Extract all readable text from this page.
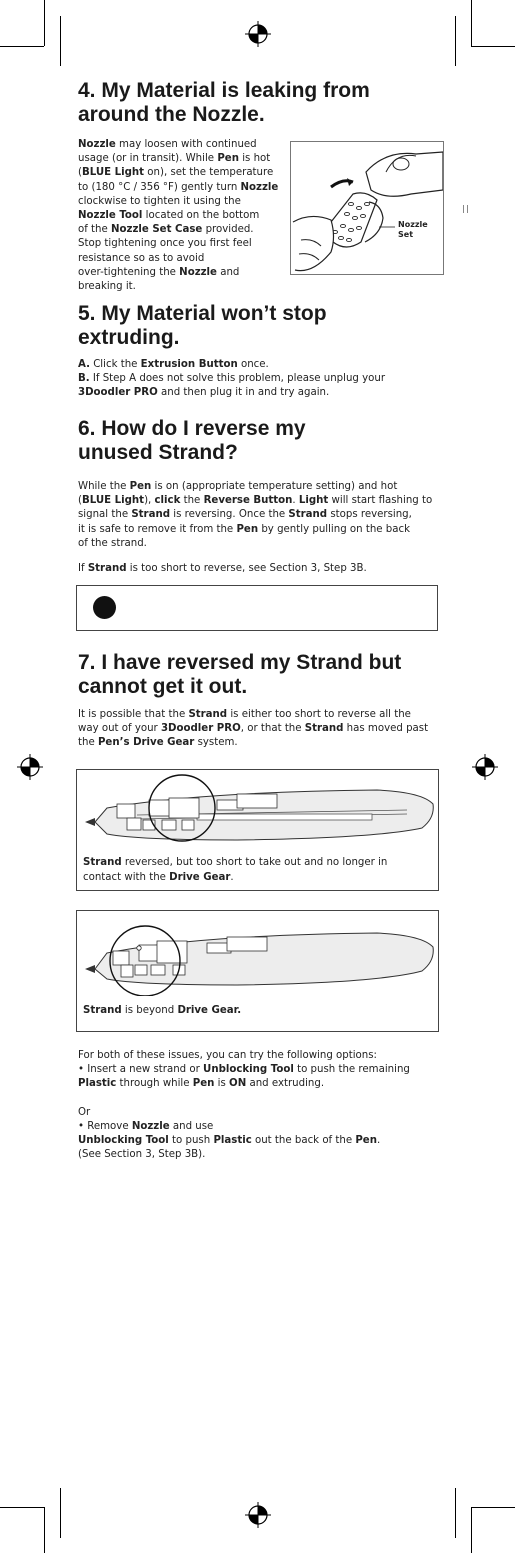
4. My Material is leaking from
around the Nozzle.
Nozzle may loosen with continued
usage (or in transit). While Pen is hot
(BLUE Light on), set the temperature
to (180 °C / 356 °F) gently turn Nozzle
clockwise to tighten it using the
Nozzle Tool located on the bottom
of the Nozzle Set Case provided.
Stop tightening once you first feel
resistance so as to avoid
over-tightening the Nozzle and
breaking it.
Nozzle
Set
5. My Material won’t stop
extruding.
A. Click the Extrusion Button once.
B. If Step A does not solve this problem, please unplug your
3Doodler PRO and then plug it in and try again.
6. How do I reverse my
unused Strand?
While the Pen is on (appropriate temperature setting) and hot
(BLUE Light), click the Reverse Button. Light will start flashing to
signal the Strand is reversing. Once the Strand stops reversing,
it is safe to remove it from the Pen by gently pulling on the back
of the strand.
If Strand is too short to reverse, see Section 3, Step 3B.
7. I have reversed my Strand but
cannot get it out.
It is possible that the Strand is either too short to reverse all the
way out of your 3Doodler PRO, or that the Strand has moved past
the Pen’s Drive Gear system.
Strand reversed, but too short to take out and no longer in
contact with the Drive Gear.
Strand is beyond Drive Gear.
For both of these issues, you can try the following options:
• Insert a new strand or Unblocking Tool to push the remaining
Plastic through while Pen is ON and extruding.

Or
• Remove Nozzle and use
Unblocking Tool to push Plastic out the back of the Pen.
(See Section 3, Step 3B).
